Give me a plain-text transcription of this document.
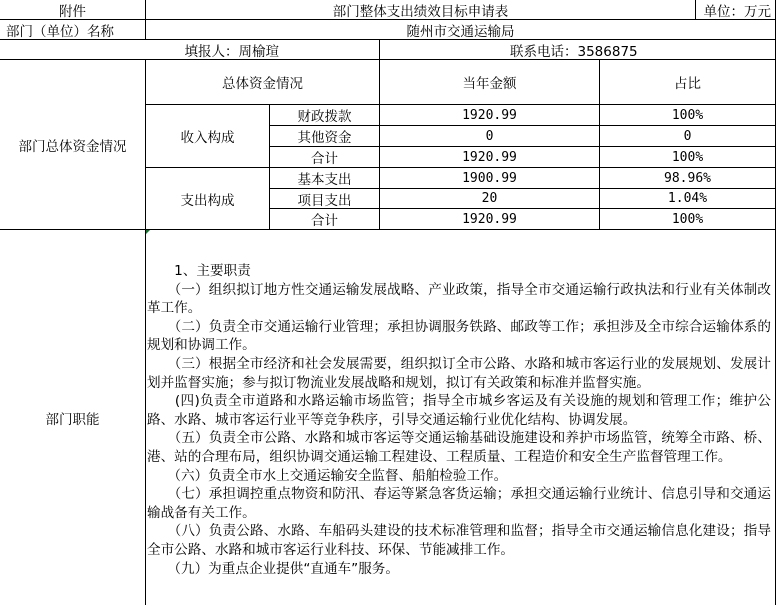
附件	部门整体支出绩效目标申请表	单位：万元
部门（单位）名称	随州市交通运输局
填报人：周榆瑄	联系电话：3586875
部门总体资金情况
总体资金情况	当年金额	占比
收入构成
财政拨款	1920.99	100%
其他资金	0	0
合计	1920.99	100%
支出构成
基本支出	1900.99	98.96%
项目支出	20	1.04%
合计	1920.99	100%
部门职能

　　1、主要职责

　　（一）组织拟订地方性交通运输发展战略、产业政策，指导全市交通运输行政执法和行业有关体制改革工作。

　　（二）负责全市交通运输行业管理；承担协调服务铁路、邮政等工作；承担涉及全市综合运输体系的规划和协调工作。

　　（三）根据全市经济和社会发展需要，组织拟订全市公路、水路和城市客运行业的发展规划、发展计划并监督实施；参与拟订物流业发展战略和规划，拟订有关政策和标准并监督实施。

　　(四)负责全市道路和水路运输市场监管；指导全市城乡客运及有关设施的规划和管理工作；维护公路、水路、城市客运行业平等竞争秩序，引导交通运输行业优化结构、协调发展。

　　（五）负责全市公路、水路和城市客运等交通运输基础设施建设和养护市场监管，统筹全市路、桥、港、站的合理布局，组织协调交通运输工程建设、工程质量、工程造价和安全生产监督管理工作。

　　（六）负责全市水上交通运输安全监督、船舶检验工作。

　　（七）承担调控重点物资和防汛、春运等紧急客货运输；承担交通运输行业统计、信息引导和交通运输战备有关工作。

　　（八）负责公路、水路、车船码头建设的技术标准管理和监督；指导全市交通运输信息化建设；指导全市公路、水路和城市客运行业科技、环保、节能减排工作。

　　（九）为重点企业提供“直通车”服务。
